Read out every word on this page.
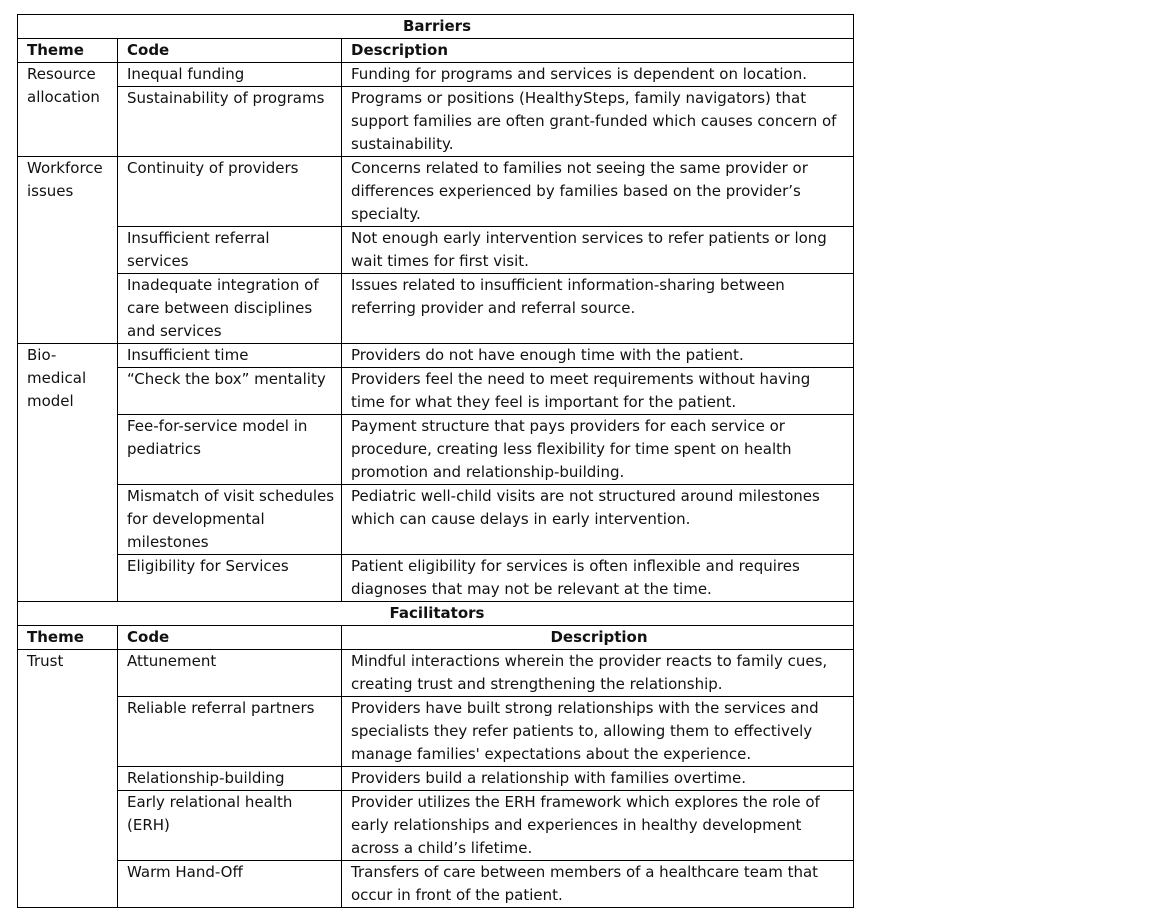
Barriers		
Theme	Code	Description
Resource allocation	Inequal funding	Funding for programs and services is dependent on location.
	Sustainability of programs	Programs or positions (HealthySteps, family navigators) that support families are often grant-funded which causes concern of sustainability.
Workforce issues	Continuity of providers	Concerns related to families not seeing the same provider or differences experienced by families based on the provider’s specialty.
	Insufficient referral services	Not enough early intervention services to refer patients or long wait times for first visit.
	Inadequate integration of care between disciplines and services	Issues related to insufficient information-sharing between referring provider and referral source.
Bio-medical model	Insufficient time	Providers do not have enough time with the patient.
	“Check the box” mentality	Providers feel the need to meet requirements without having time for what they feel is important for the patient.
	Fee-for-service model in pediatrics	Payment structure that pays providers for each service or procedure, creating less flexibility for time spent on health promotion and relationship-building.
	Mismatch of visit schedules for developmental milestones	Pediatric well-child visits are not structured around milestones which can cause delays in early intervention.
	Eligibility for Services	Patient eligibility for services is often inflexible and requires diagnoses that may not be relevant at the time.
Facilitators		
Theme	Code	Description
Trust	Attunement	Mindful interactions wherein the provider reacts to family cues, creating trust and strengthening the relationship.
	Reliable referral partners	Providers have built strong relationships with the services and specialists they refer patients to, allowing them to effectively manage families' expectations about the experience.
	Relationship-building	Providers build a relationship with families overtime.
	Early relational health (ERH)	Provider utilizes the ERH framework which explores the role of early relationships and experiences in healthy development across a child’s lifetime.
	Warm Hand-Off	Transfers of care between members of a healthcare team that occur in front of the patient.
